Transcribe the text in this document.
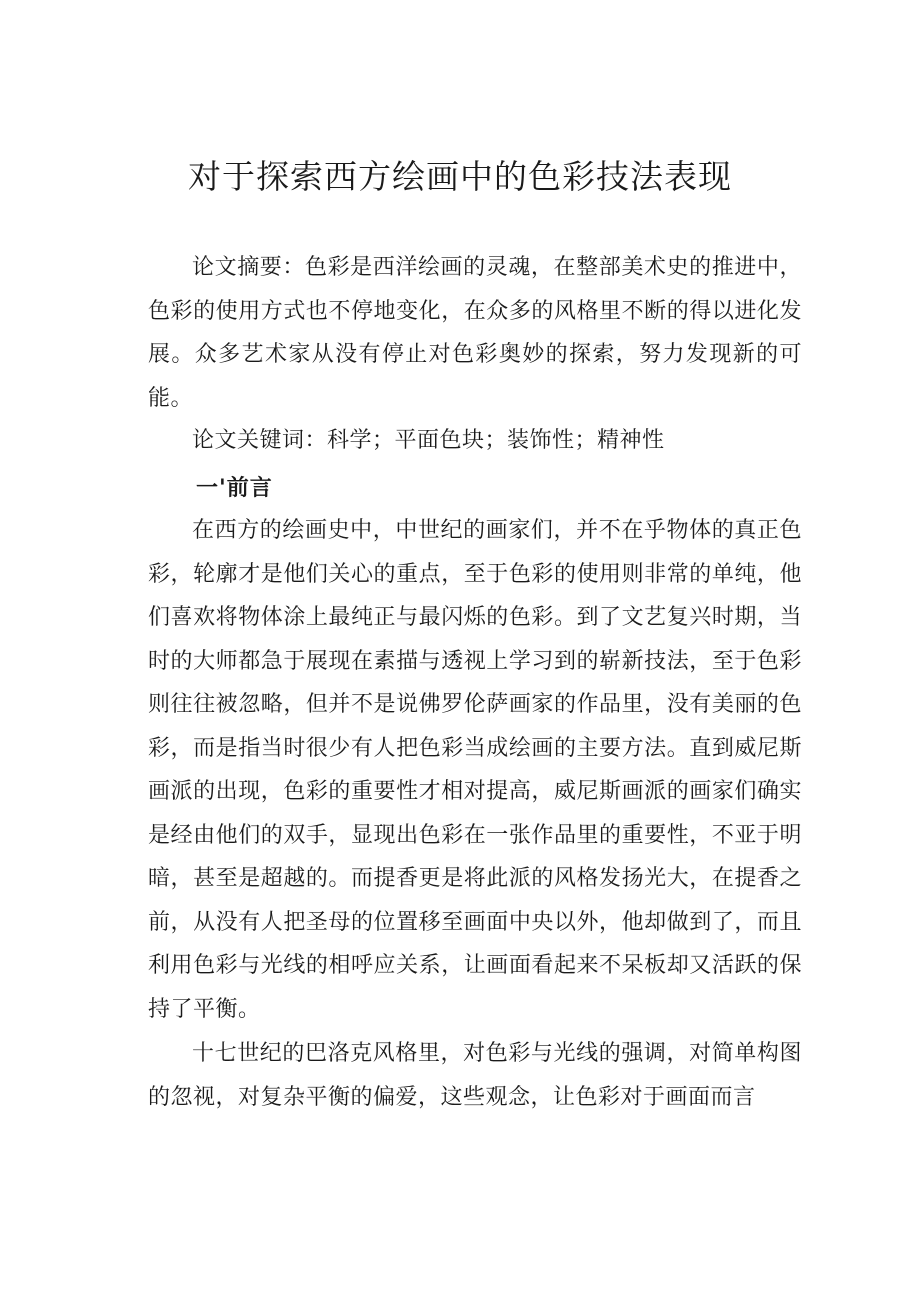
对于探索西方绘画中的色彩技法表现

论文摘要：色彩是西洋绘画的灵魂，在整部美术史的推进中，色彩的使用方式也不停地变化，在众多的风格里不断的得以进化发展。众多艺术家从没有停止对色彩奥妙的探索，努力发现新的可能。

论文关键词：科学；平面色块；装饰性；精神性

一'前言

在西方的绘画史中，中世纪的画家们，并不在乎物体的真正色彩，轮廓才是他们关心的重点，至于色彩的使用则非常的单纯，他们喜欢将物体涂上最纯正与最闪烁的色彩。到了文艺复兴时期，当时的大师都急于展现在素描与透视上学习到的崭新技法，至于色彩则往往被忽略，但并不是说佛罗伦萨画家的作品里，没有美丽的色彩，而是指当时很少有人把色彩当成绘画的主要方法。直到威尼斯画派的出现，色彩的重要性才相对提高，威尼斯画派的画家们确实是经由他们的双手，显现出色彩在一张作品里的重要性，不亚于明暗，甚至是超越的。而提香更是将此派的风格发扬光大，在提香之前，从没有人把圣母的位置移至画面中央以外，他却做到了，而且利用色彩与光线的相呼应关系，让画面看起来不呆板却又活跃的保持了平衡。

十七世纪的巴洛克风格里，对色彩与光线的强调，对简单构图的忽视，对复杂平衡的偏爱，这些观念，让色彩对于画面而言
